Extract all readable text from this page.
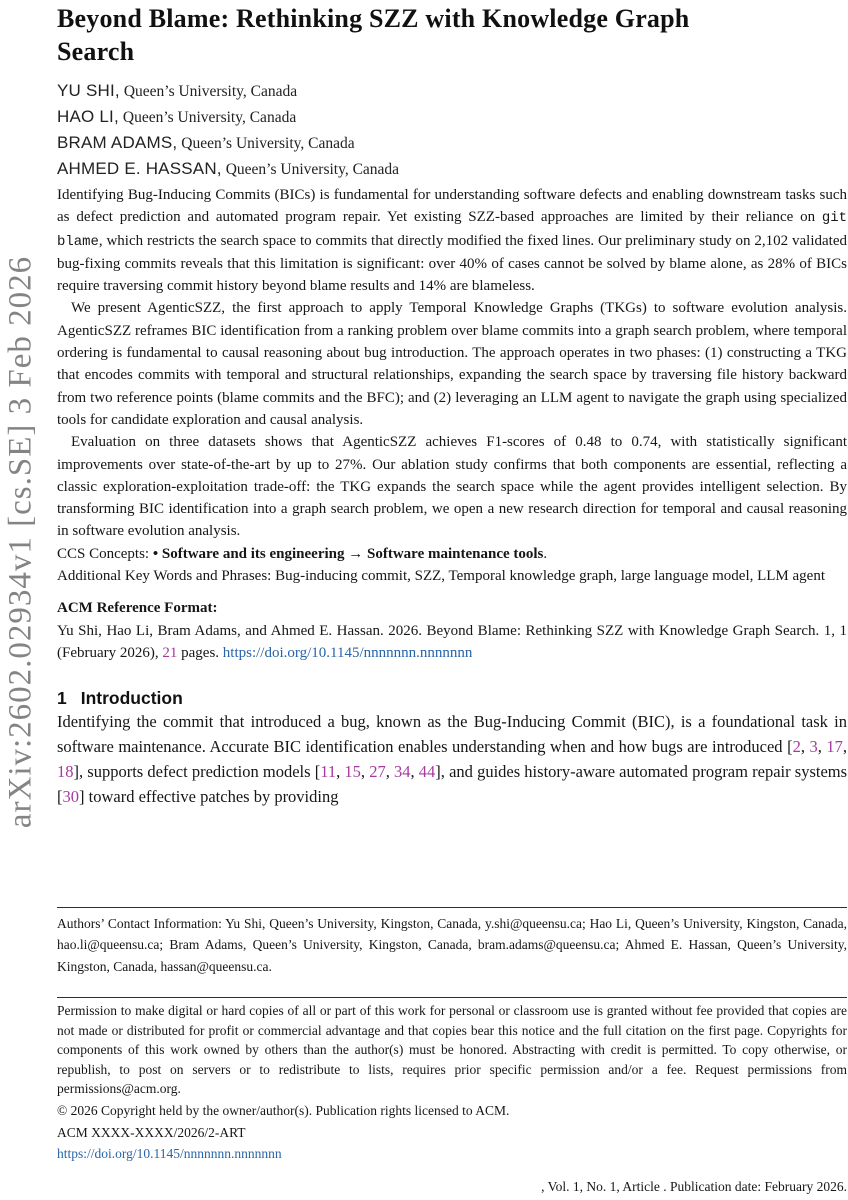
arXiv:2602.02934v1 [cs.SE] 3 Feb 2026
Beyond Blame: Rethinking SZZ with Knowledge Graph
Search
YU SHI, Queen’s University, Canada
HAO LI, Queen’s University, Canada
BRAM ADAMS, Queen’s University, Canada
AHMED E. HASSAN, Queen’s University, Canada

Identifying Bug-Inducing Commits (BICs) is fundamental for understanding software defects and enabling downstream tasks such as defect prediction and automated program repair. Yet existing SZZ-based approaches are limited by their reliance on git blame, which restricts the search space to commits that directly modified the fixed lines. Our preliminary study on 2,102 validated bug-fixing commits reveals that this limitation is significant: over 40% of cases cannot be solved by blame alone, as 28% of BICs require traversing commit history beyond blame results and 14% are blameless.

We present AgenticSZZ, the first approach to apply Temporal Knowledge Graphs (TKGs) to software evolution analysis. AgenticSZZ reframes BIC identification from a ranking problem over blame commits into a graph search problem, where temporal ordering is fundamental to causal reasoning about bug introduction. The approach operates in two phases: (1) constructing a TKG that encodes commits with temporal and structural relationships, expanding the search space by traversing file history backward from two reference points (blame commits and the BFC); and (2) leveraging an LLM agent to navigate the graph using specialized tools for candidate exploration and causal analysis.

Evaluation on three datasets shows that AgenticSZZ achieves F1-scores of 0.48 to 0.74, with statistically significant improvements over state-of-the-art by up to 27%. Our ablation study confirms that both components are essential, reflecting a classic exploration-exploitation trade-off: the TKG expands the search space while the agent provides intelligent selection. By transforming BIC identification into a graph search problem, we open a new research direction for temporal and causal reasoning in software evolution analysis.

CCS Concepts: • Software and its engineering → Software maintenance tools.

Additional Key Words and Phrases: Bug-inducing commit, SZZ, Temporal knowledge graph, large language model, LLM agent

ACM Reference Format:

Yu Shi, Hao Li, Bram Adams, and Ahmed E. Hassan. 2026. Beyond Blame: Rethinking SZZ with Knowledge Graph Search. 1, 1 (February 2026), 21 pages. https://doi.org/10.1145/nnnnnnn.nnnnnnn

1 Introduction

Identifying the commit that introduced a bug, known as the Bug-Inducing Commit (BIC), is a foundational task in software maintenance. Accurate BIC identification enables understanding when and how bugs are introduced [2, 3, 17, 18], supports defect prediction models [11, 15, 27, 34, 44], and guides history-aware automated program repair systems [30] toward effective patches by providing

Authors’ Contact Information: Yu Shi, Queen’s University, Kingston, Canada, y.shi@queensu.ca; Hao Li, Queen’s University, Kingston, Canada, hao.li@queensu.ca; Bram Adams, Queen’s University, Kingston, Canada, bram.adams@queensu.ca; Ahmed E. Hassan, Queen’s University, Kingston, Canada, hassan@queensu.ca.
Permission to make digital or hard copies of all or part of this work for personal or classroom use is granted without fee provided that copies are not made or distributed for profit or commercial advantage and that copies bear this notice and the full citation on the first page. Copyrights for components of this work owned by others than the author(s) must be honored. Abstracting with credit is permitted. To copy otherwise, or republish, to post on servers or to redistribute to lists, requires prior specific permission and/or a fee. Request permissions from permissions@acm.org.
© 2026 Copyright held by the owner/author(s). Publication rights licensed to ACM.
ACM XXXX-XXXX/2026/2-ART
https://doi.org/10.1145/nnnnnnn.nnnnnnn
, Vol. 1, No. 1, Article . Publication date: February 2026.
